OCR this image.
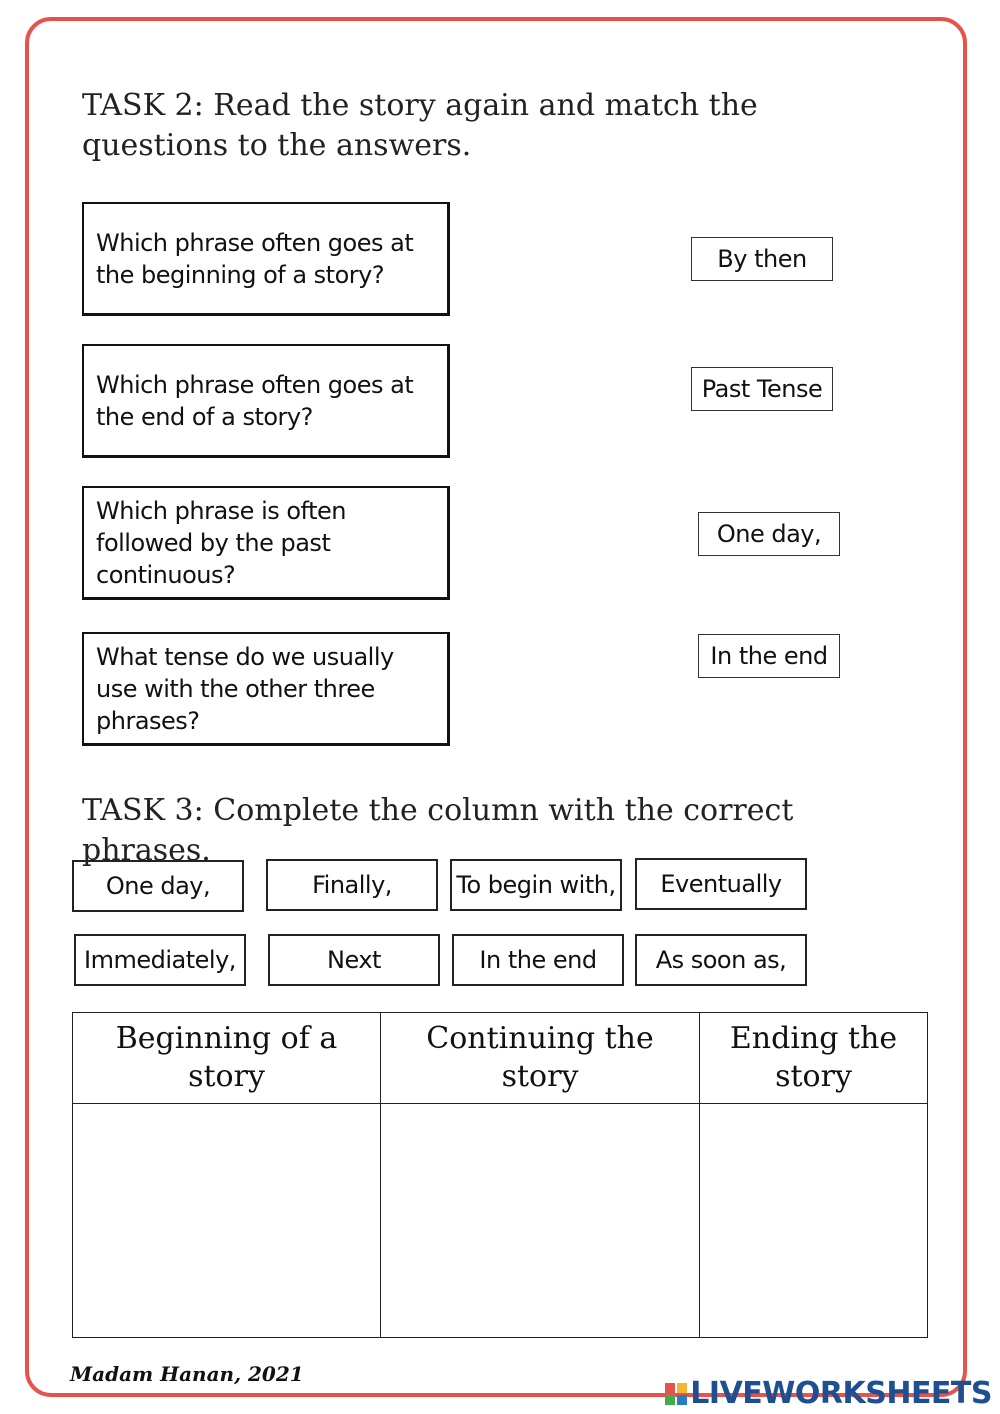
TASK 2: Read the story again and match the questions to the answers.
Which phrase often goes at the beginning of a story?
Which phrase often goes at the end of a story?
Which phrase is often followed by the past continuous?
What tense do we usually use with the other three phrases?
By then
Past Tense
One day,
In the end
TASK 3: Complete the column with the correct phrases.
One day,	Finally,	To begin with, Eventually
Immediately,	Next	In the end As soon as,
Beginning of a story	Continuing the story	Ending the story

Madam Hanan, 2021
LIVEWORKSHEETS
